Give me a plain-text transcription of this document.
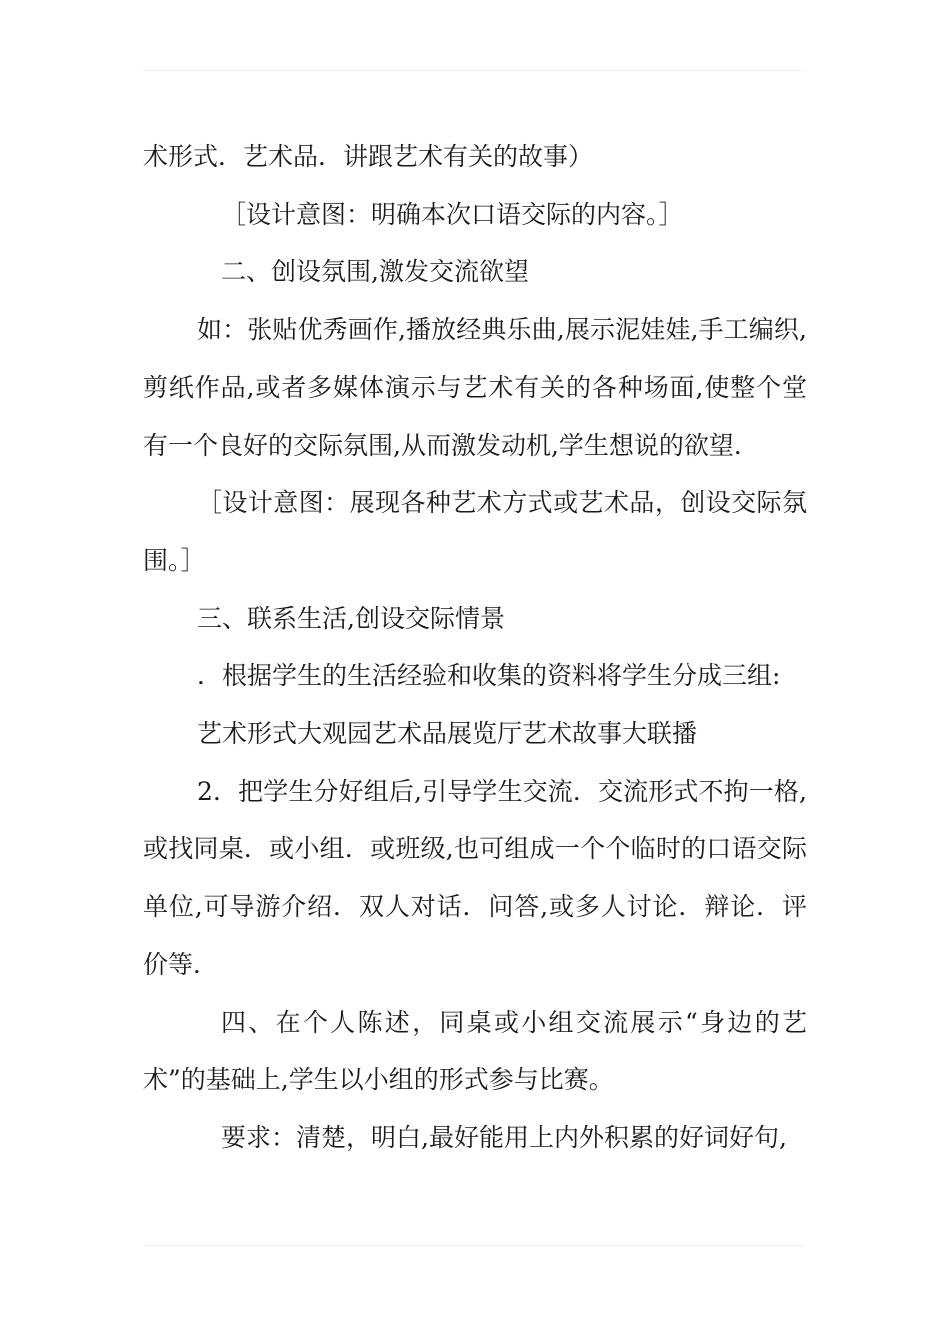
术形式．艺术品．讲跟艺术有关的故事）

［设计意图：明确本次口语交际的内容。］

二、创设氛围,激发交流欲望

如：张贴优秀画作,播放经典乐曲,展示泥娃娃,手工编织,剪纸作品,或者多媒体演示与艺术有关的各种场面,使整个堂有一个良好的交际氛围,从而激发动机,学生想说的欲望．

［设计意图：展现各种艺术方式或艺术品，创设交际氛围。］

三、联系生活,创设交际情景

．根据学生的生活经验和收集的资料将学生分成三组:

艺术形式大观园艺术品展览厅艺术故事大联播

2．把学生分好组后,引导学生交流．交流形式不拘一格,或找同桌．或小组．或班级,也可组成一个个临时的口语交际单位,可导游介绍．双人对话．问答,或多人讨论．辩论．评价等．

四、在个人陈述，同桌或小组交流展示“身边的艺术”的基础上,学生以小组的形式参与比赛。

要求：清楚，明白,最好能用上内外积累的好词好句,
